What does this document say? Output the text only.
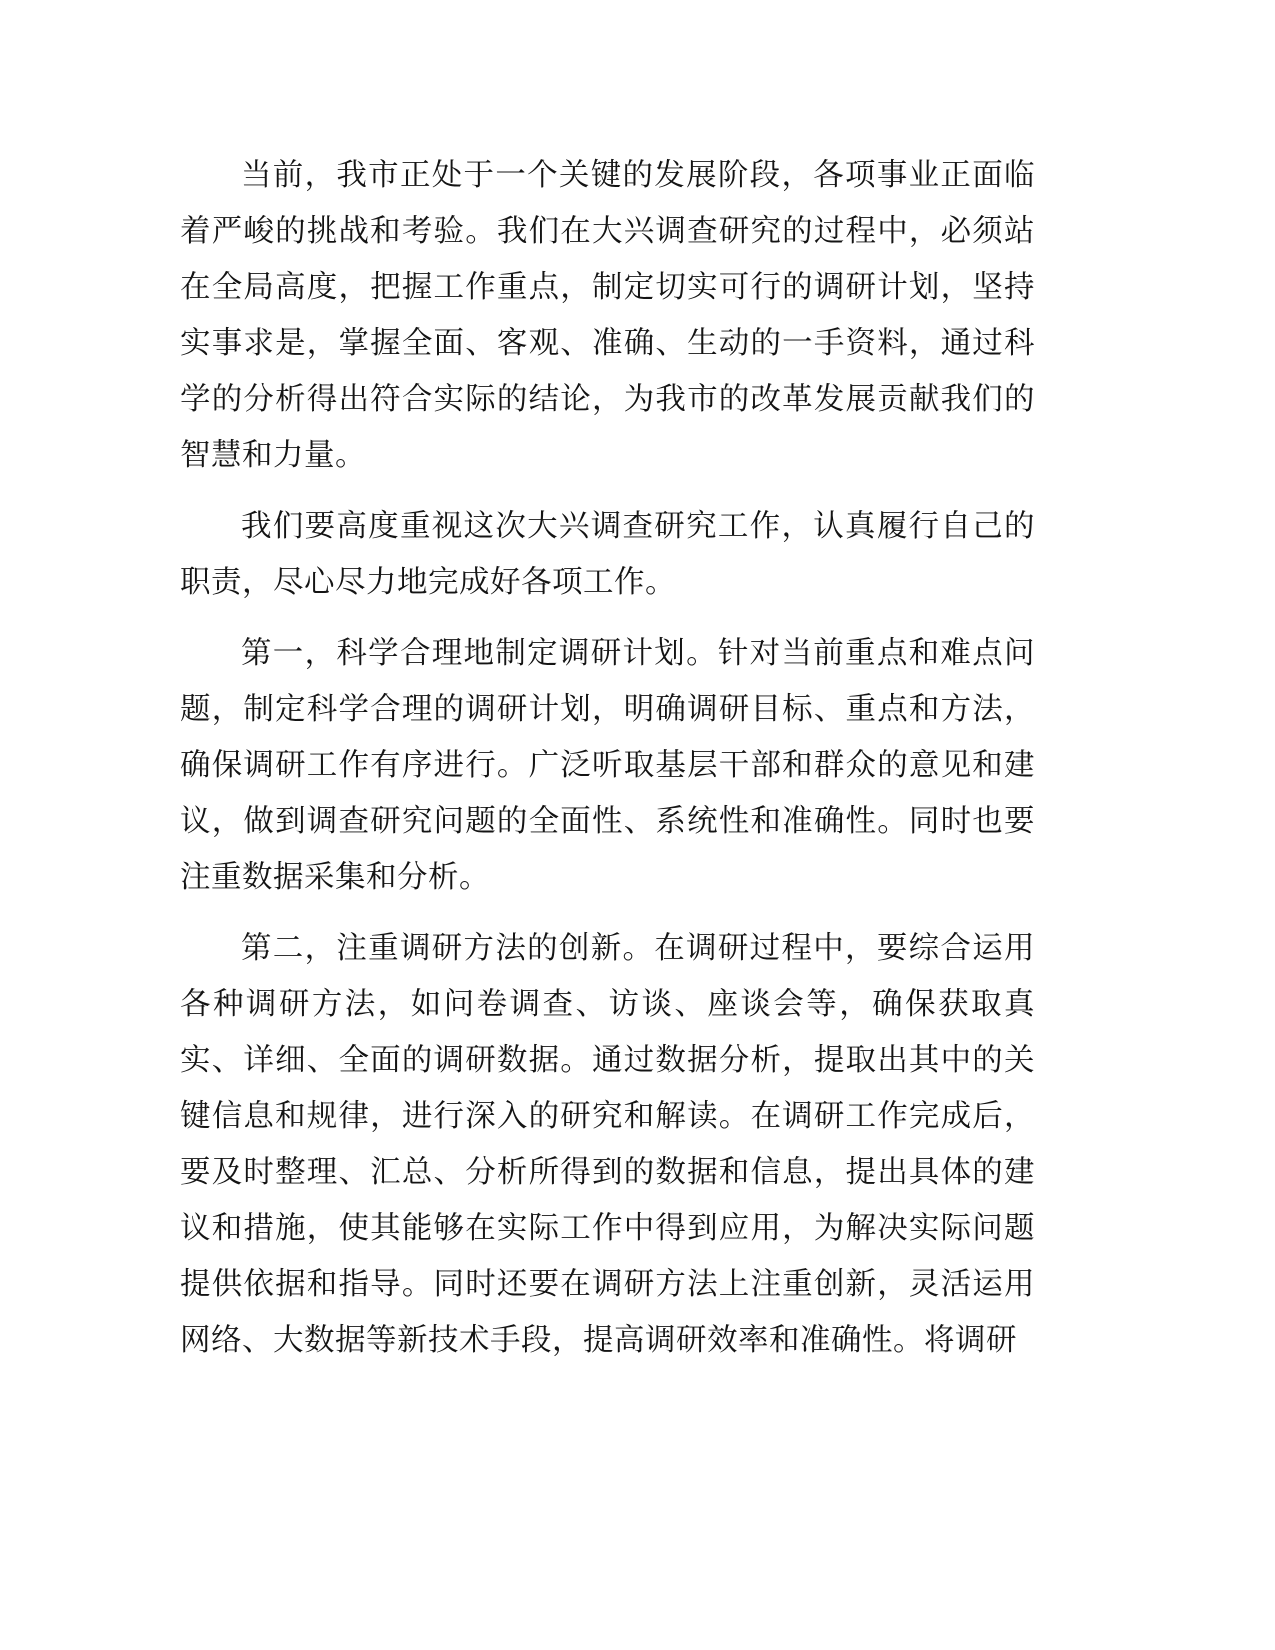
当前，我市正处于一个关键的发展阶段，各项事业正面临着严峻的挑战和考验。我们在大兴调查研究的过程中，必须站在全局高度，把握工作重点，制定切实可行的调研计划，坚持实事求是，掌握全面、客观、准确、生动的一手资料，通过科学的分析得出符合实际的结论，为我市的改革发展贡献我们的智慧和力量。

我们要高度重视这次大兴调查研究工作，认真履行自己的职责，尽心尽力地完成好各项工作。

第一，科学合理地制定调研计划。针对当前重点和难点问题，制定科学合理的调研计划，明确调研目标、重点和方法，确保调研工作有序进行。广泛听取基层干部和群众的意见和建议，做到调查研究问题的全面性、系统性和准确性。同时也要注重数据采集和分析。

第二，注重调研方法的创新。在调研过程中，要综合运用各种调研方法，如问卷调查、访谈、座谈会等，确保获取真实、详细、全面的调研数据。通过数据分析，提取出其中的关键信息和规律，进行深入的研究和解读。在调研工作完成后，要及时整理、汇总、分析所得到的数据和信息，提出具体的建议和措施，使其能够在实际工作中得到应用，为解决实际问题提供依据和指导。同时还要在调研方法上注重创新，灵活运用网络、大数据等新技术手段，提高调研效率和准确性。将调研
